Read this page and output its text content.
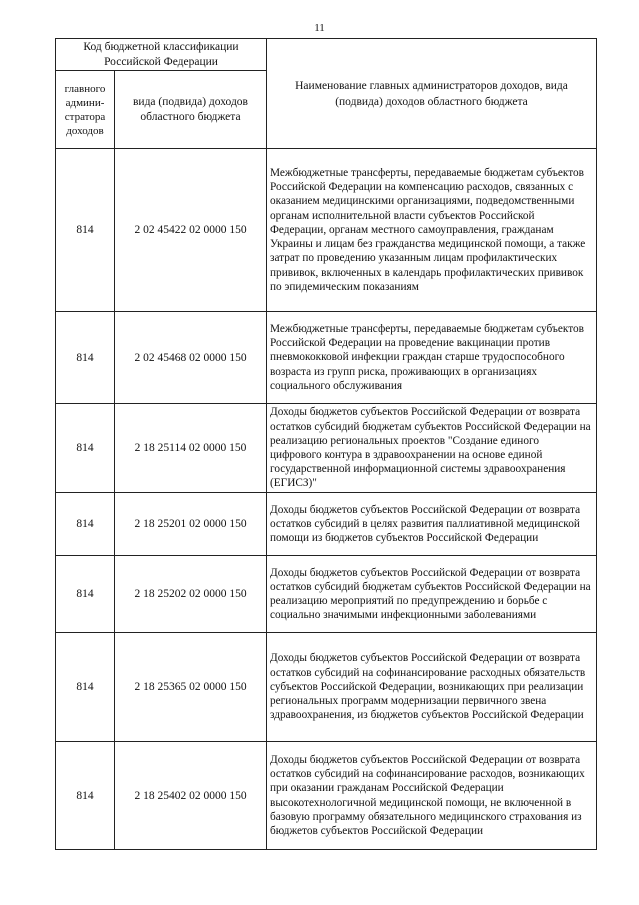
11
Код бюджетной классификации Российской Федерации		Наименование главных администраторов доходов, вида (подвида) доходов областного бюджета
главного админи-стратора доходов	вида (подвида) доходов областного бюджета	
814	2 02 45422 02 0000 150	Межбюджетные трансферты, передаваемые бюджетам субъектов Российской Федерации на компенсацию расходов, связанных с оказанием медицинскими организациями, подведомственными органам исполнительной власти субъектов Российской Федерации, органам местного самоуправления, гражданам Украины и лицам без гражданства медицинской помощи, а также затрат по проведению указанным лицам профилактических прививок, включенных в календарь профилактических прививок по эпидемическим показаниям
814	2 02 45468 02 0000 150	Межбюджетные трансферты, передаваемые бюджетам субъектов Российской Федерации на проведение вакцинации против пневмококковой инфекции граждан старше трудоспособного возраста из групп риска, проживающих в организациях социального обслуживания
814	2 18 25114 02 0000 150	Доходы бюджетов субъектов Российской Федерации от возврата остатков субсидий бюджетам субъектов Российской Федерации на реализацию региональных проектов "Создание единого цифрового контура в здравоохранении на основе единой государственной информационной системы здравоохранения (ЕГИСЗ)"
814	2 18 25201 02 0000 150	Доходы бюджетов субъектов Российской Федерации от возврата остатков субсидий в целях развития паллиативной медицинской помощи из бюджетов субъектов Российской Федерации
814	2 18 25202 02 0000 150	Доходы бюджетов субъектов Российской Федерации от возврата остатков субсидий бюджетам субъектов Российской Федерации на реализацию мероприятий по предупреждению и борьбе с социально значимыми инфекционными заболеваниями
814	2 18 25365 02 0000 150	Доходы бюджетов субъектов Российской Федерации от возврата остатков субсидий на софинансирование расходных обязательств субъектов Российской Федерации, возникающих при реализации региональных программ модернизации первичного звена здравоохранения, из бюджетов субъектов Российской Федерации
814	2 18 25402 02 0000 150	Доходы бюджетов субъектов Российской Федерации от возврата остатков субсидий на софинансирование расходов, возникающих при оказании гражданам Российской Федерации высокотехнологичной медицинской помощи, не включенной в базовую программу обязательного медицинского страхования из бюджетов субъектов Российской Федерации
